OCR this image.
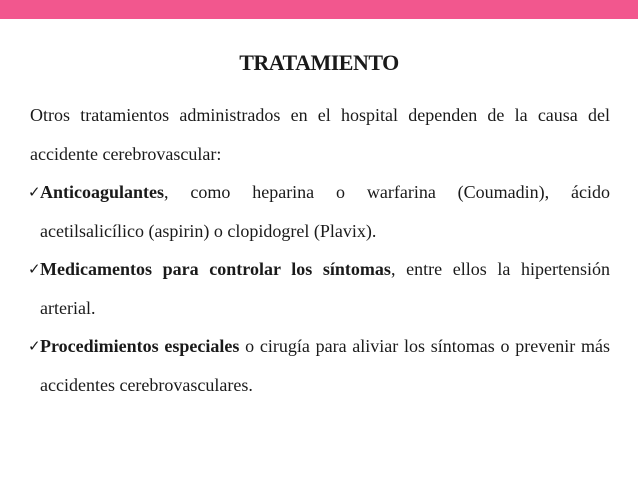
TRATAMIENTO

Otros tratamientos administrados en el hospital dependen de la causa del accidente cerebrovascular:

✓ Anticoagulantes, como heparina o warfarina (Coumadin), ácido acetilsalicílico (aspirin) o clopidogrel (Plavix).
✓ Medicamentos para controlar los síntomas, entre ellos la hipertensión arterial.
✓ Procedimientos especiales o cirugía para aliviar los síntomas o prevenir más accidentes cerebrovasculares.
